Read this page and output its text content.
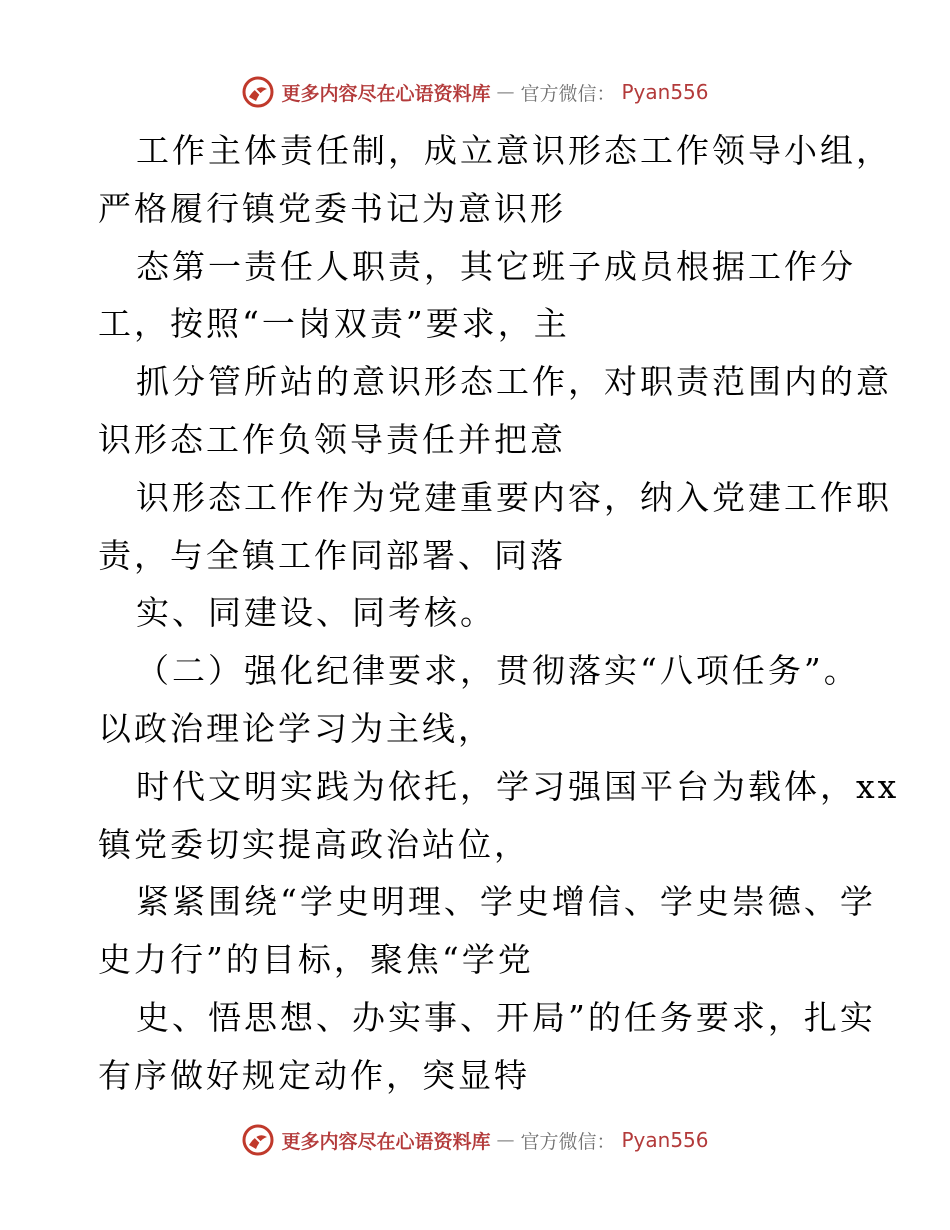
更多内容尽在心语资料库 — 官方微信： Pyan556
工作主体责任制，成立意识形态工作领导小组，
严格履行镇党委书记为意识形
态第一责任人职责，其它班子成员根据工作分
工，按照“一岗双责”要求，主
抓分管所站的意识形态工作，对职责范围内的意
识形态工作负领导责任并把意
识形态工作作为党建重要内容，纳入党建工作职
责，与全镇工作同部署、同落
实、同建设、同考核。
（二）强化纪律要求，贯彻落实“八项任务”。
以政治理论学习为主线，
时代文明实践为依托，学习强国平台为载体，xx
镇党委切实提高政治站位，
紧紧围绕“学史明理、学史增信、学史崇德、学
史力行”的目标，聚焦“学党
史、悟思想、办实事、开局”的任务要求，扎实
有序做好规定动作，突显特
更多内容尽在心语资料库 — 官方微信： Pyan556
